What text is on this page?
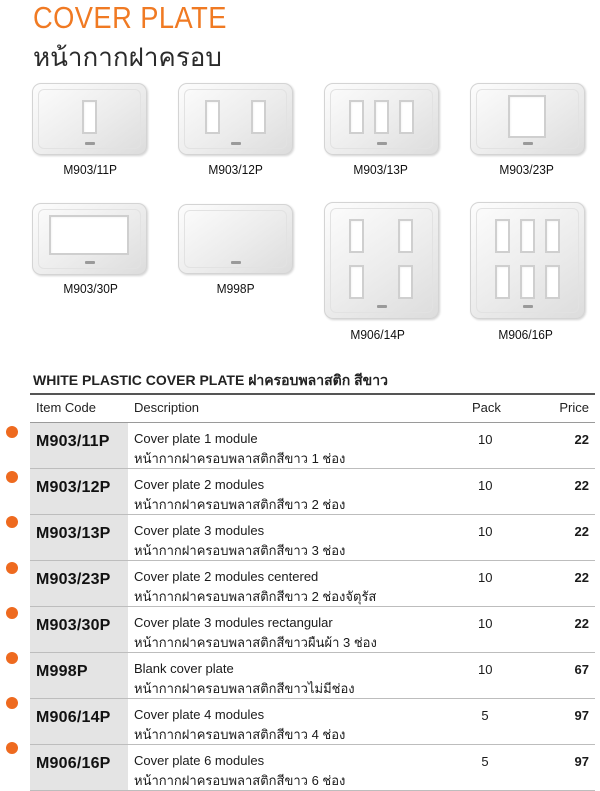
COVER PLATE
หน้ากากฝาครอบ
M903/11P	M903/12P	M903/13P	M903/23P
M903/30P	M998P
M906/14P	M906/16P
WHITE PLASTIC COVER PLATE ฝาครอบพลาสติก สีขาว
Item Code	Description	Pack	Price
M903/11P Cover plate 1 module
หน้ากากฝาครอบพลาสติกสีขาว 1 ช่อง
10	22
M903/12P Cover plate 2 modules
หน้ากากฝาครอบพลาสติกสีขาว 2 ช่อง
10	22
M903/13P Cover plate 3 modules
หน้ากากฝาครอบพลาสติกสีขาว 3 ช่อง
10	22
M903/23P Cover plate 2 modules centered
หน้ากากฝาครอบพลาสติกสีขาว 2 ช่องจัตุรัส
10	22
M903/30P Cover plate 3 modules rectangular
หน้ากากฝาครอบพลาสติกสีขาวผืนผ้า 3 ช่อง
10	22
M998P	Blank cover plate
หน้ากากฝาครอบพลาสติกสีขาวไม่มีช่อง
10	67
M906/14P Cover plate 4 modules
หน้ากากฝาครอบพลาสติกสีขาว 4 ช่อง
5	97
M906/16P Cover plate 6 modules
หน้ากากฝาครอบพลาสติกสีขาว 6 ช่อง
5	97
